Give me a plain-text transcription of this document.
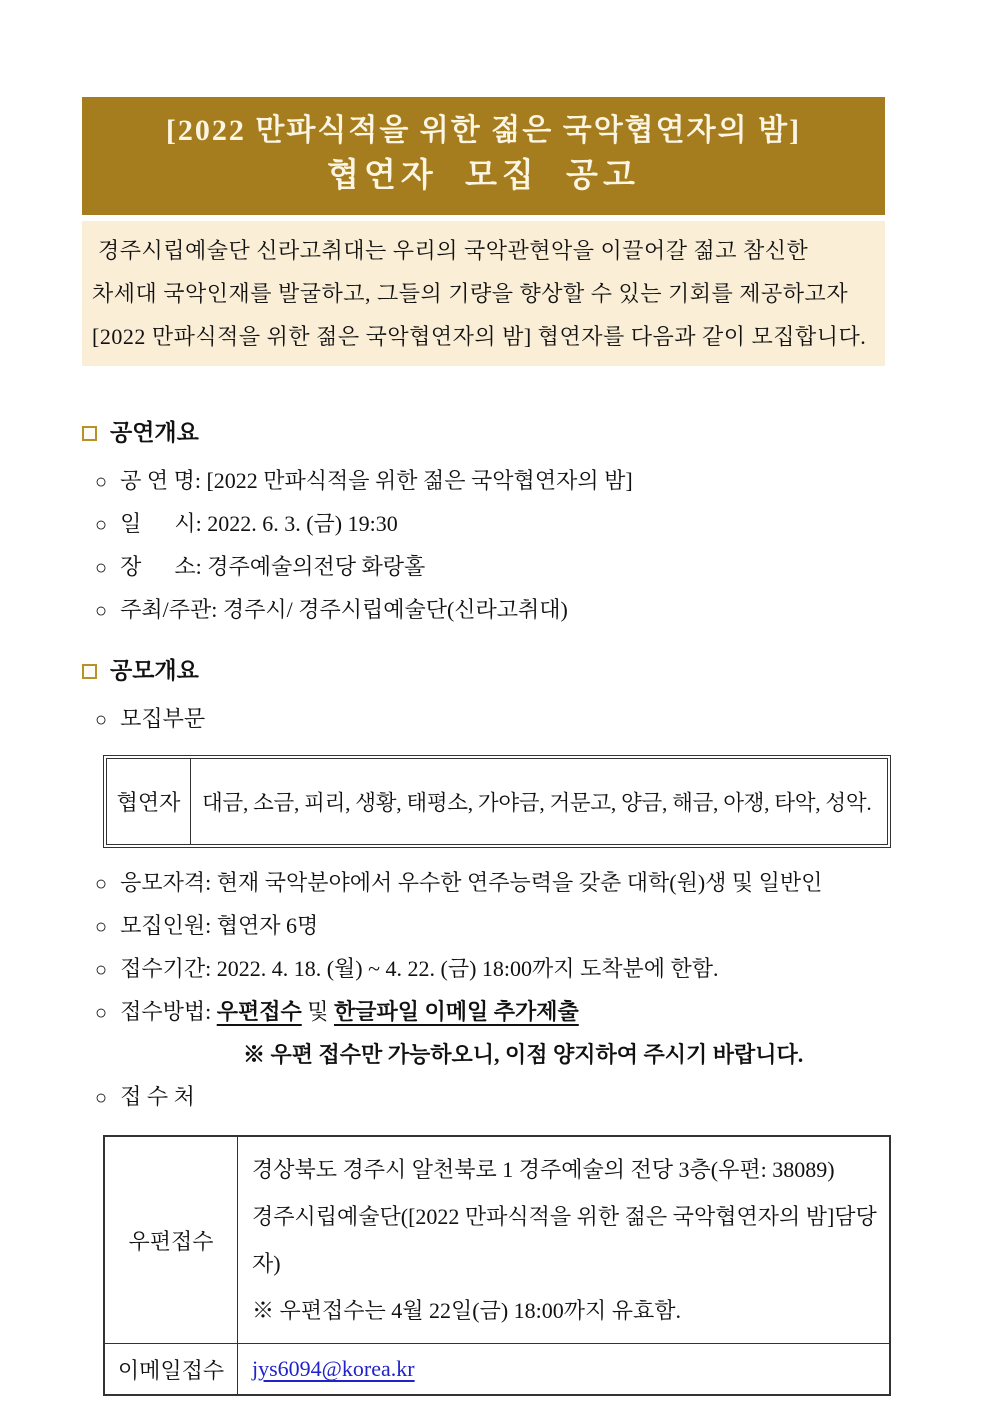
[2022 만파식적을 위한 젊은 국악협연자의 밤]
협연자 모집 공고
경주시립예술단 신라고취대는 우리의 국악관현악을 이끌어갈 젊고 참신한
차세대 국악인재를 발굴하고, 그들의 기량을 향상할 수 있는 기회를 제공하고자
[2022 만파식적을 위한 젊은 국악협연자의 밤] 협연자를 다음과 같이 모집합니다.
공연개요
○ 공 연 명: [2022 만파식적을 위한 젊은 국악협연자의 밤]
○ 일      시: 2022. 6. 3. (금) 19:30
○ 장      소: 경주예술의전당 화랑홀
○ 주최/주관: 경주시/ 경주시립예술단(신라고취대)
공모개요
○ 모집부문
협연자	대금, 소금, 피리, 생황, 태평소, 가야금, 거문고, 양금, 해금, 아쟁, 타악, 성악.
○ 응모자격: 현재 국악분야에서 우수한 연주능력을 갖춘 대학(원)생 및 일반인
○ 모집인원: 협연자 6명
○ 접수기간: 2022. 4. 18. (월) ~ 4. 22. (금) 18:00까지 도착분에 한함.
○ 접수방법: 우편접수 및 한글파일 이메일 추가제출
※ 우편 접수만 가능하오니, 이점 양지하여 주시기 바랍니다.
○ 접 수 처
우편접수
경상북도 경주시 알천북로 1 경주예술의 전당 3층(우편: 38089)
경주시립예술단([2022 만파식적을 위한 젊은 국악협연자의 밤]담당자)
※ 우편접수는 4월 22일(금) 18:00까지 유효함.
이메일접수	jys6094@korea.kr
